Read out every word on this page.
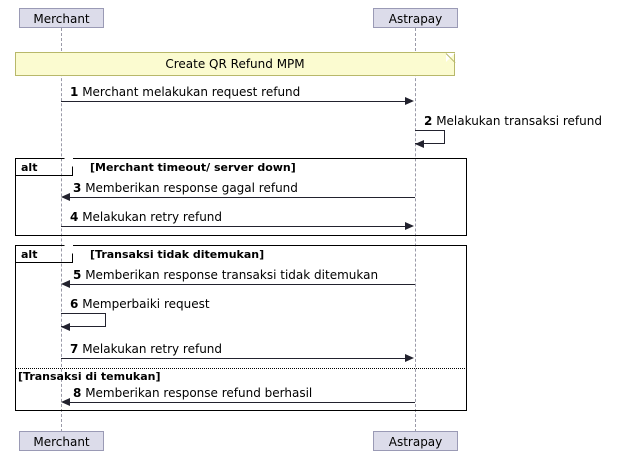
Merchant	Astrapay
Create QR Refund MPM
1 Merchant melakukan request refund
2 Melakukan transaksi refund
alt	[Merchant timeout/ server down]
3 Memberikan response gagal refund
4 Melakukan retry refund
alt	[Transaksi tidak ditemukan]
5 Memberikan response transaksi tidak ditemukan
6 Memperbaiki request
7 Melakukan retry refund
[Transaksi di temukan]
8 Memberikan response refund berhasil
Merchant	Astrapay
